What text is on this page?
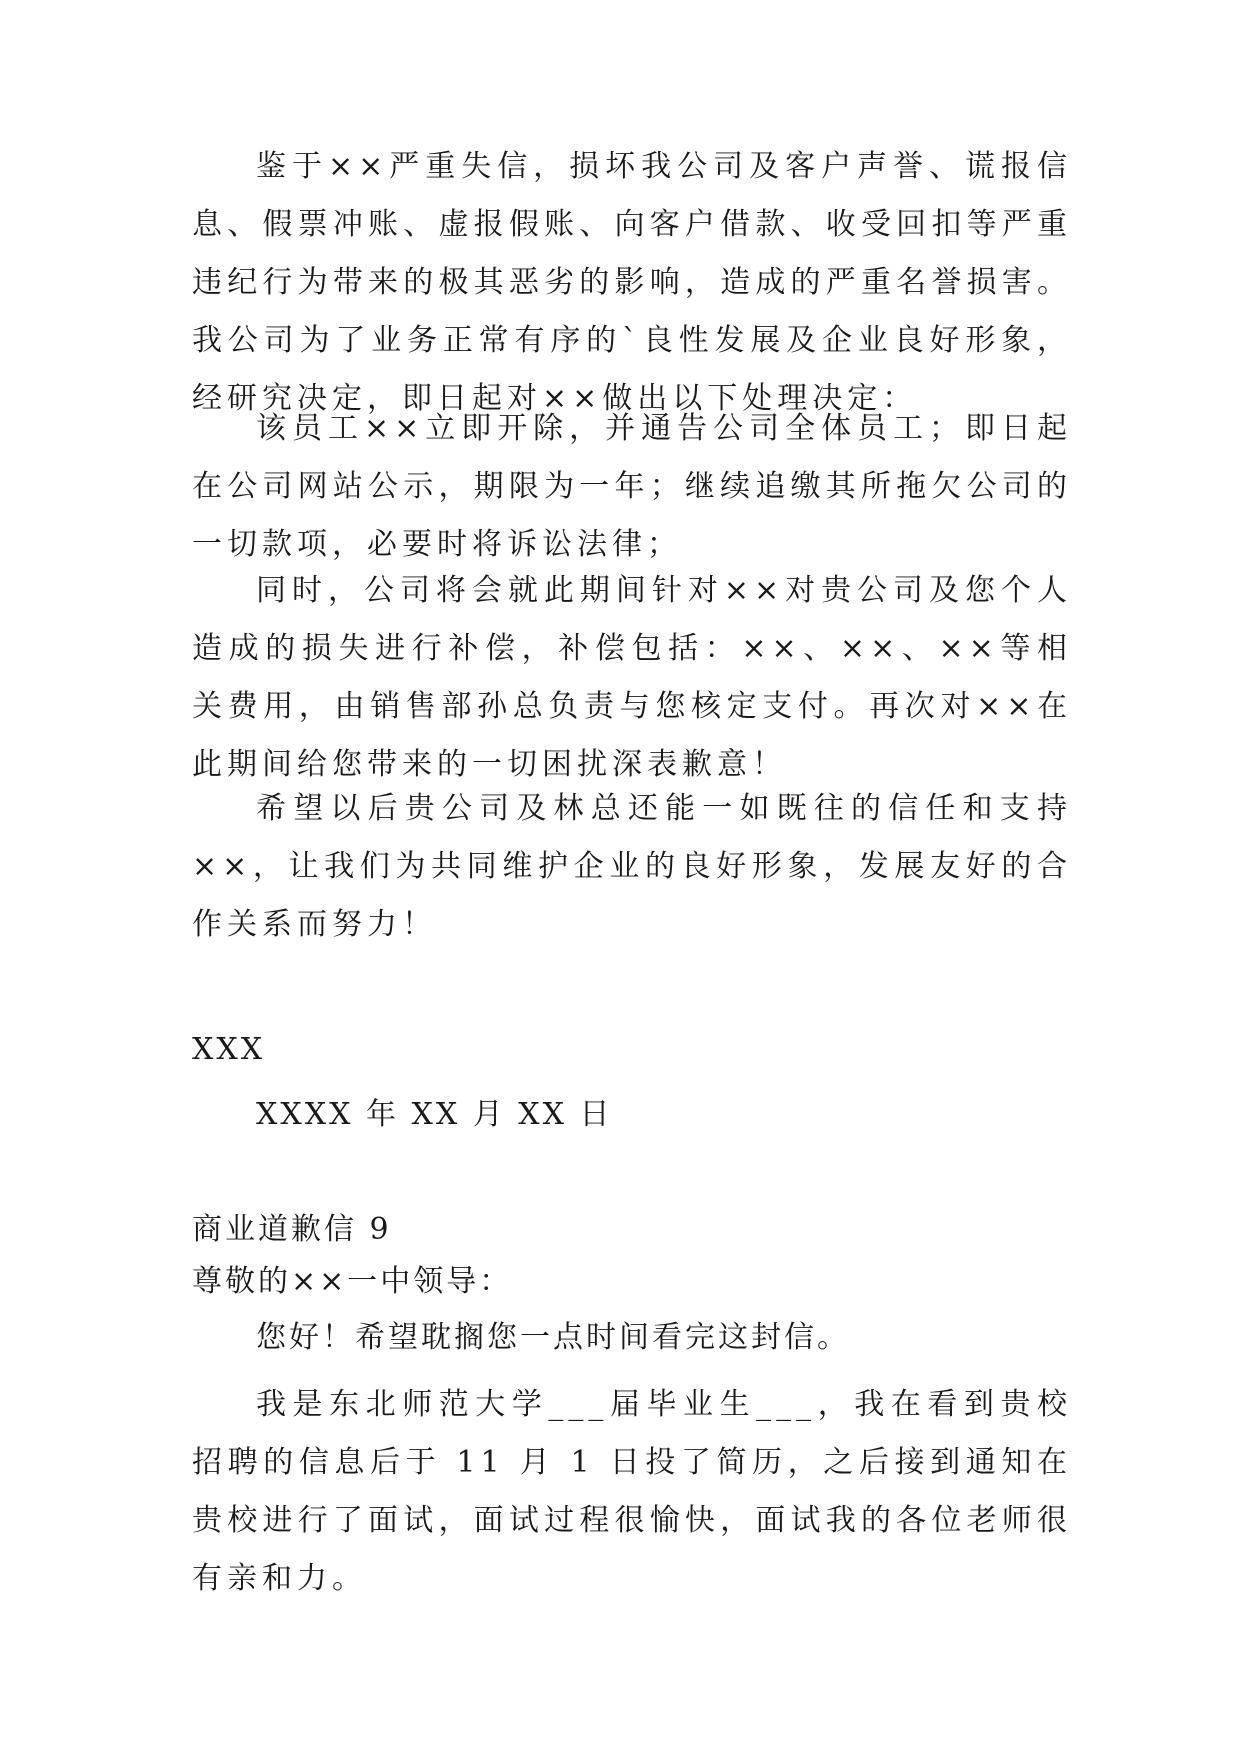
鉴于××严重失信，损坏我公司及客户声誉、谎报信息、假票冲账、虚报假账、向客户借款、收受回扣等严重违纪行为带来的极其恶劣的影响，造成的严重名誉损害。我公司为了业务正常有序的`良性发展及企业良好形象，经研究决定，即日起对××做出以下处理决定：

该员工××立即开除，并通告公司全体员工；即日起在公司网站公示，期限为一年；继续追缴其所拖欠公司的一切款项，必要时将诉讼法律；

同时，公司将会就此期间针对××对贵公司及您个人造成的损失进行补偿，补偿包括：××、××、××等相关费用，由销售部孙总负责与您核定支付。再次对××在此期间给您带来的一切困扰深表歉意！

希望以后贵公司及林总还能一如既往的信任和支持××，让我们为共同维护企业的良好形象，发展友好的合作关系而努力！

XXX

XXXX 年 XX 月 XX 日

商业道歉信 9

尊敬的××一中领导：

您好！希望耽搁您一点时间看完这封信。

我是东北师范大学___届毕业生___，我在看到贵校招聘的信息后于 11 月 1 日投了简历，之后接到通知在贵校进行了面试，面试过程很愉快，面试我的各位老师很有亲和力。
